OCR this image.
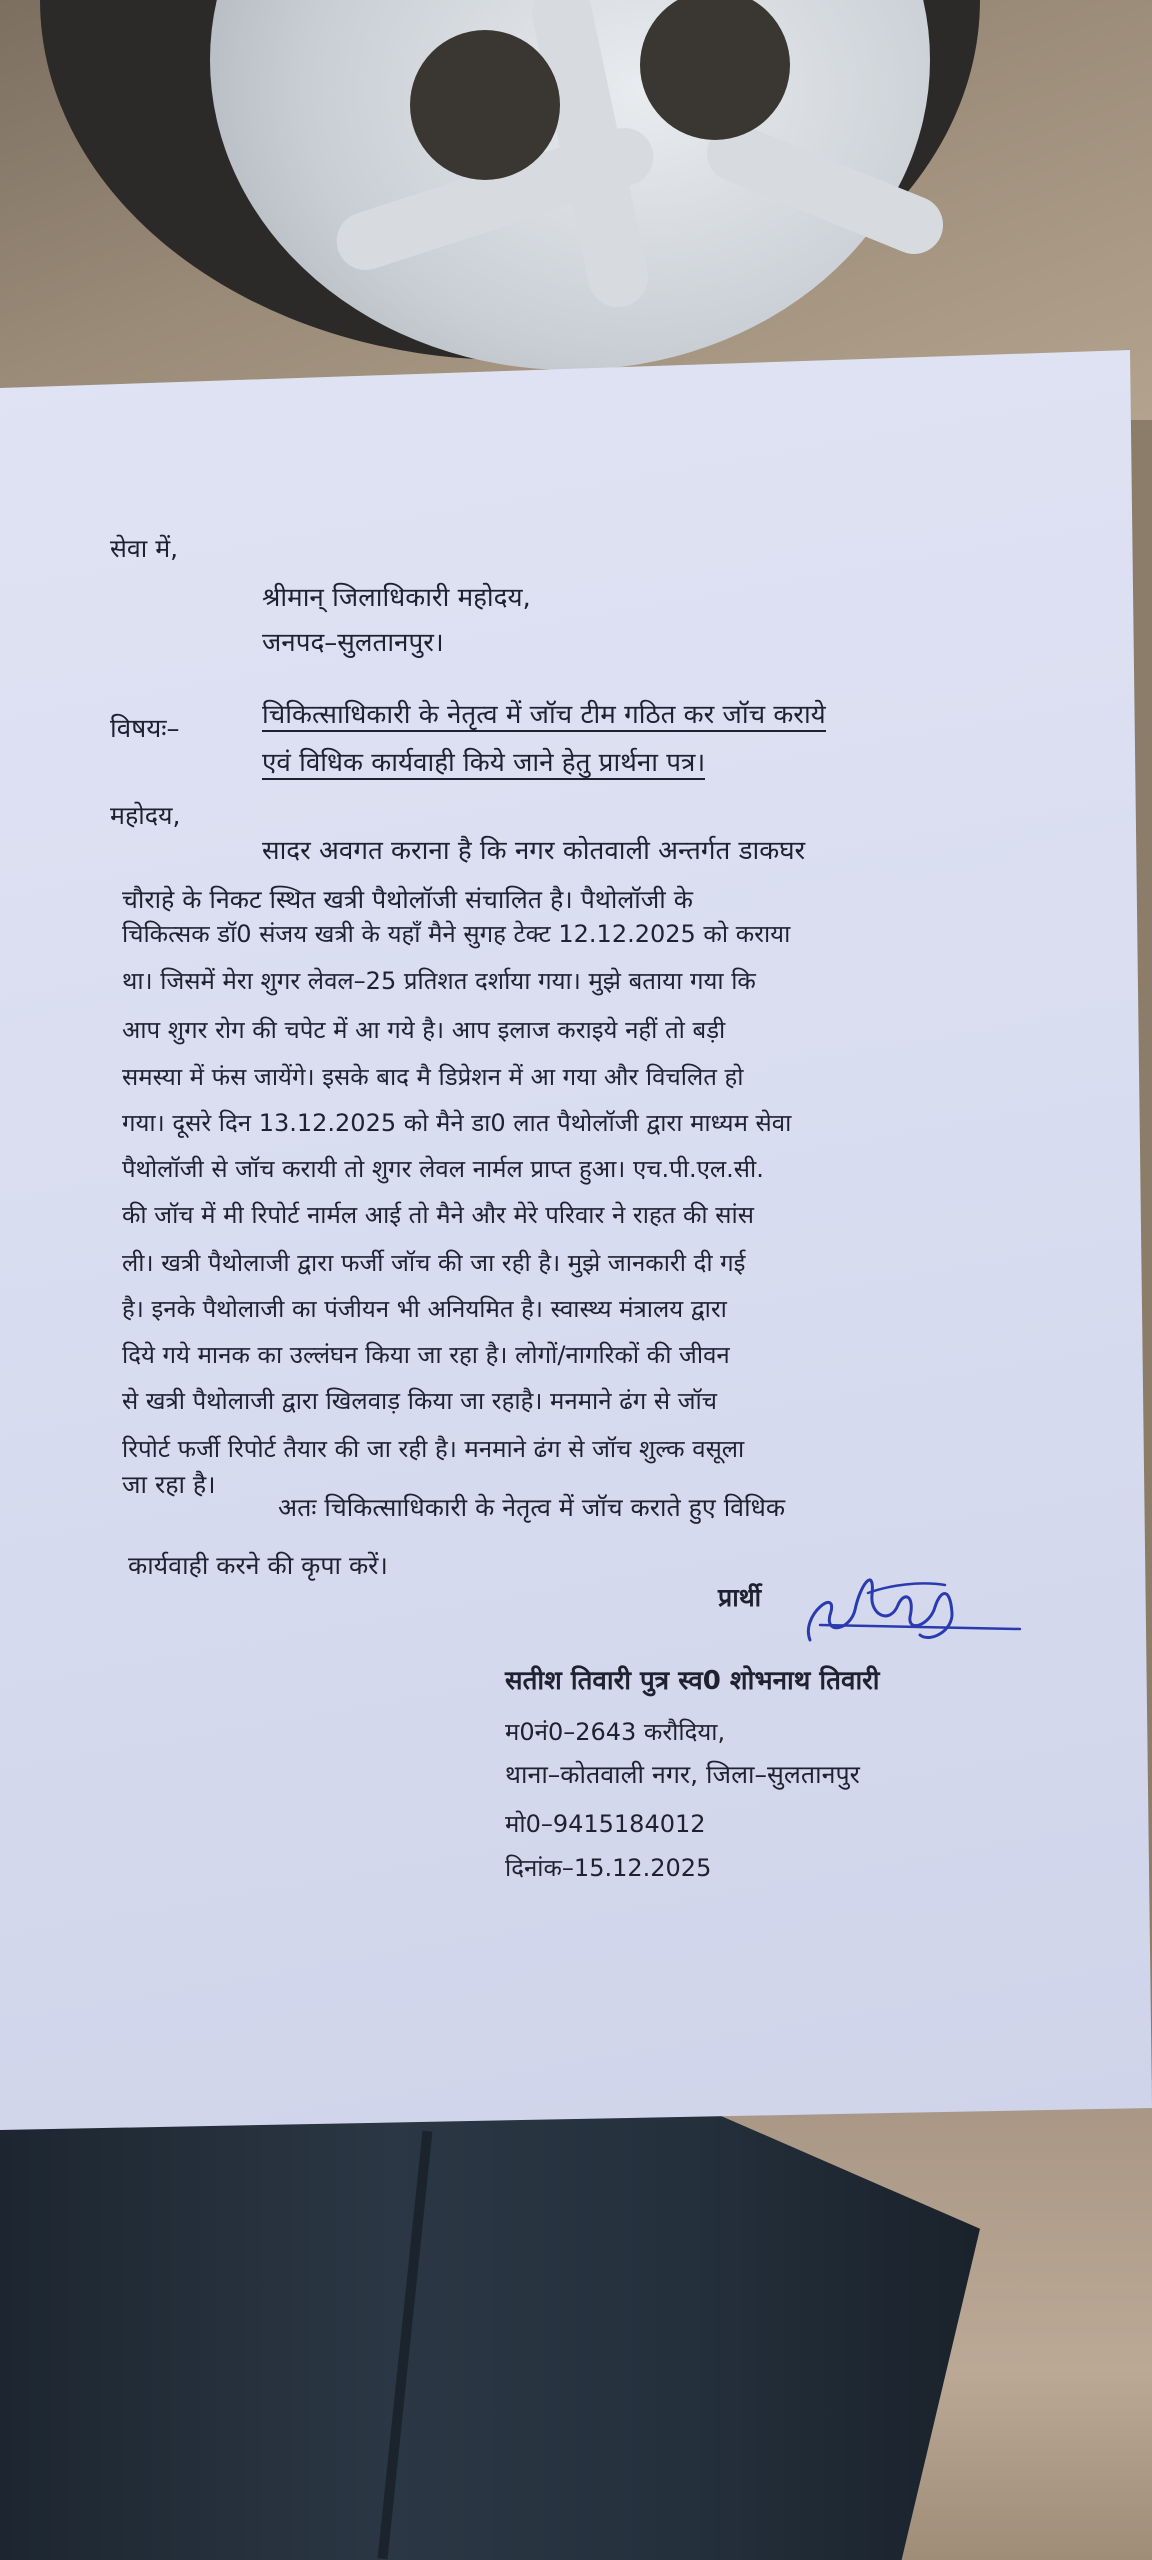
सेवा में,
श्रीमान् जिलाधिकारी महोदय,
जनपद–सुलतानपुर।
विषयः–	चिकित्साधिकारी के नेतृत्व में जॉच टीम गठित कर जॉच कराये
एवं विधिक कार्यवाही किये जाने हेतु प्रार्थना पत्र।
महोदय,
सादर अवगत कराना है कि नगर कोतवाली अन्तर्गत डाकघर
चौराहे के निकट स्थित खत्री पैथोलॉजी संचालित है। पैथोलॉजी के
चिकित्सक डॉ0 संजय खत्री के यहाँ मैने सुगह टेक्ट 12.12.2025 को कराया
था। जिसमें मेरा शुगर लेवल–25 प्रतिशत दर्शाया गया। मुझे बताया गया कि
आप शुगर रोग की चपेट में आ गये है। आप इलाज कराइये नहीं तो बड़ी
समस्या में फंस जायेंगे। इसके बाद मै डिप्रेशन में आ गया और विचलित हो
गया। दूसरे दिन 13.12.2025 को मैने डा0 लात पैथोलॉजी द्वारा माध्यम सेवा
पैथोलॉजी से जॉच करायी तो शुगर लेवल नार्मल प्राप्त हुआ। एच.पी.एल.सी.
की जॉच में मी रिपोर्ट नार्मल आई तो मैने और मेरे परिवार ने राहत की सांस
ली। खत्री पैथोलाजी द्वारा फर्जी जॉच की जा रही है। मुझे जानकारी दी गई
है। इनके पैथोलाजी का पंजीयन भी अनियमित है। स्वास्थ्य मंत्रालय द्वारा
दिये गये मानक का उल्लंघन किया जा रहा है। लोगों/नागरिकों की जीवन
से खत्री पैथोलाजी द्वारा खिलवाड़ किया जा रहाहै। मनमाने ढंग से जॉच
रिपोर्ट फर्जी रिपोर्ट तैयार की जा रही है। मनमाने ढंग से जॉच शुल्क वसूला
जा रहा है।
अतः चिकित्साधिकारी के नेतृत्व में जॉच कराते हुए विधिक
कार्यवाही करने की कृपा करें।
प्रार्थी
सतीश तिवारी पुत्र स्व0 शोभनाथ तिवारी
म0नं0–2643 करौदिया,
थाना–कोतवाली नगर, जिला–सुलतानपुर
मो0–9415184012
दिनांक–15.12.2025
